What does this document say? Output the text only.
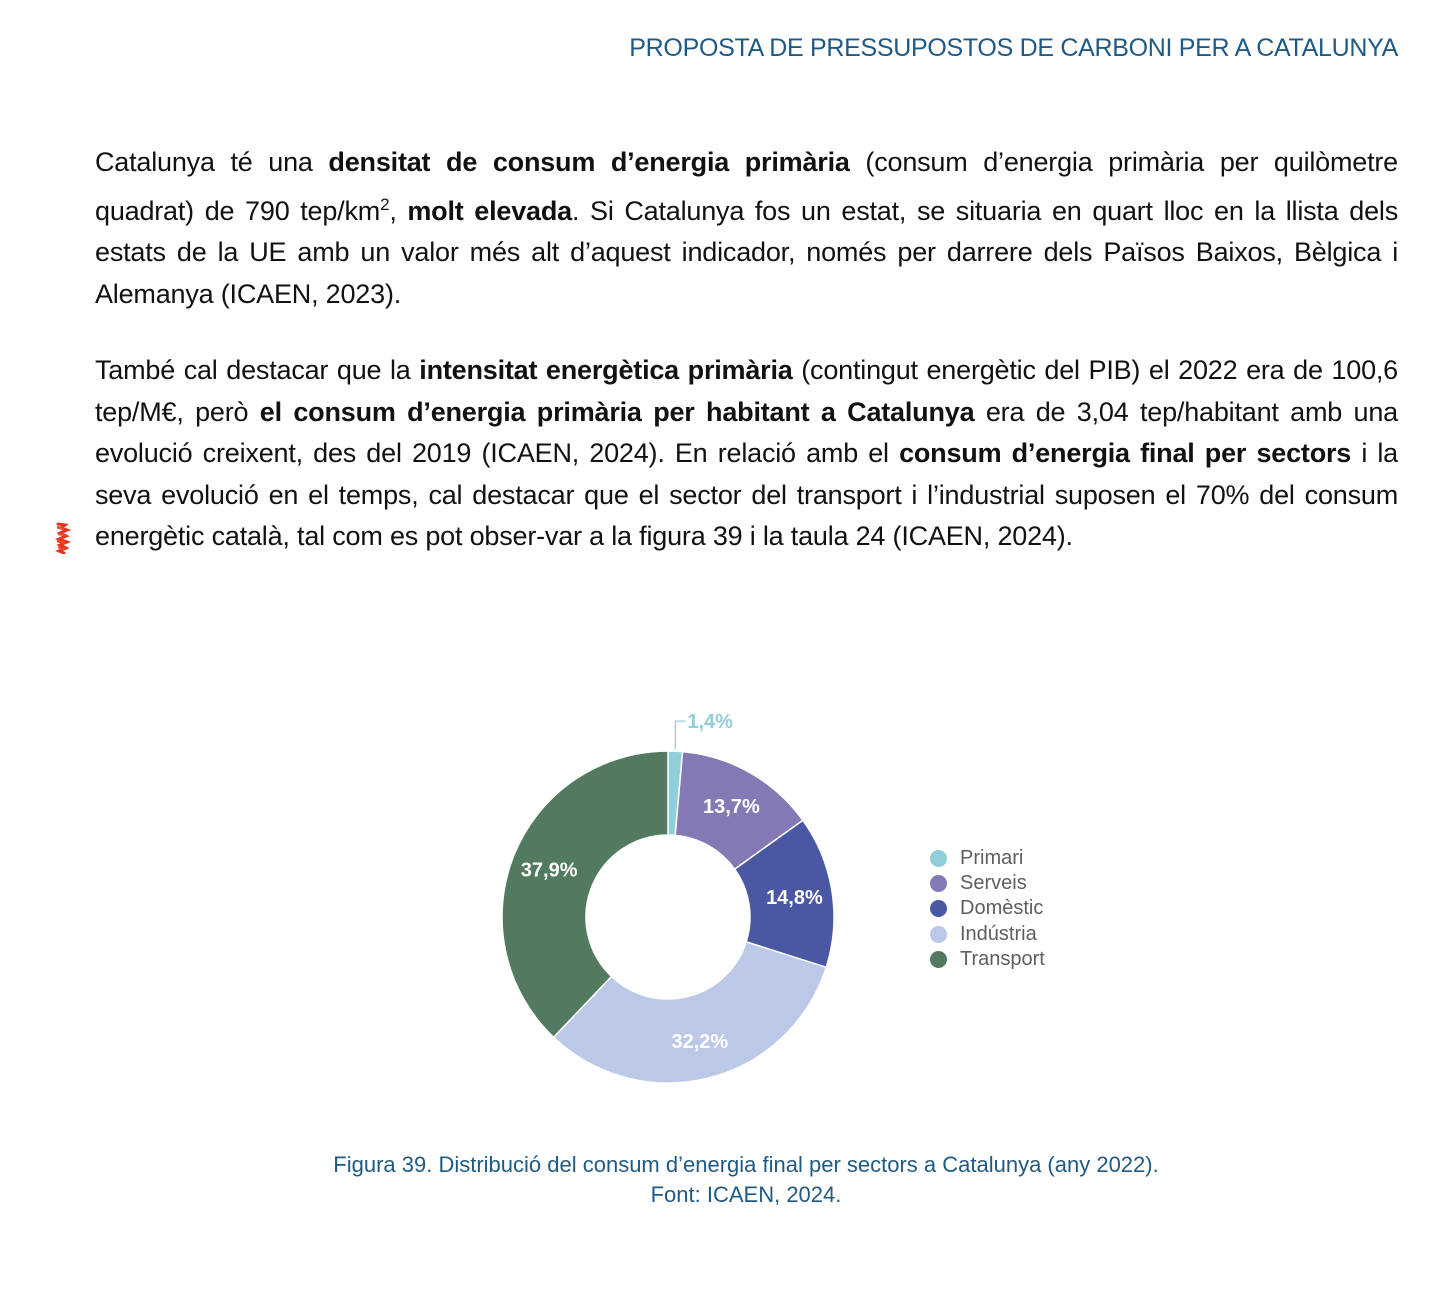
PROPOSTA DE PRESSUPOSTOS DE CARBONI PER A CATALUNYA

Catalunya té una densitat de consum d’energia primària (consum d’energia primària per quilòmetre quadrat) de 790 tep/$km^2$, molt elevada. Si Catalunya fos un estat, se situaria en quart lloc en la llista dels estats de la UE amb un valor més alt d’aquest indicador, només per darrere dels Països Baixos, Bèlgica i Alemanya (ICAEN, 2023).

També cal destacar que la intensitat energètica primària (contingut energètic del PIB) el 2022 era de 100,6 tep/M€, però el consum d’energia primària per habitant a Catalunya era de 3,04 tep/habitant amb una evolució creixent, des del 2019 (ICAEN, 2024). En relació amb el consum d’energia final per sectors i la seva evolució en el temps, cal destacar que el sector del transport i l’industrial suposen el 70% del consum energètic català, tal com es pot obser-var a la figura 39 i la taula 24 (ICAEN, 2024).

1,4%
13,7%
14,8%
32,2%
37,9%
Primari
Serveis
Domèstic
Indústria
Transport
Figura 39. Distribució del consum d’energia final per sectors a Catalunya (any 2022).
Font: ICAEN, 2024.
